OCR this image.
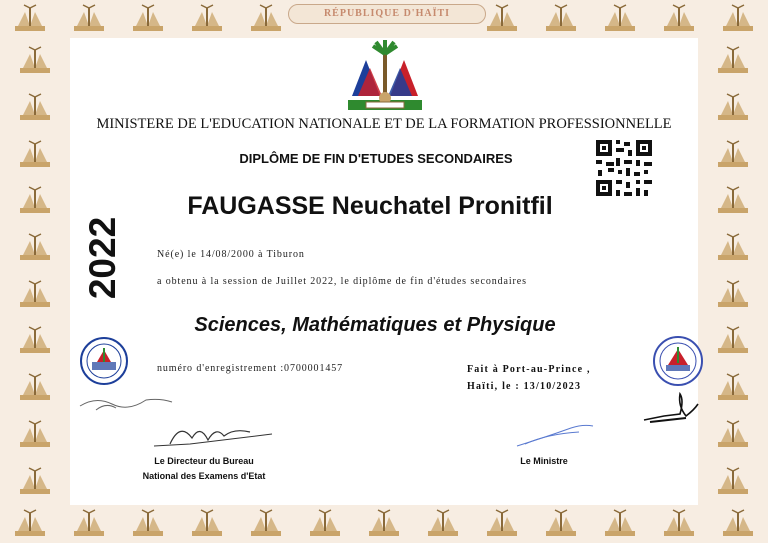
RÉPUBLIQUE D'HAÏTI
MINISTERE DE L'EDUCATION NATIONALE ET DE LA FORMATION PROFESSIONNELLE
DIPLÔME DE FIN D'ETUDES SECONDAIRES
FAUGASSE Neuchatel Pronitfil
2022	Né(e) le 14/08/2000 à Tiburon
a obtenu à la session de Juillet 2022, le diplôme de fin d'études secondaires
Sciences, Mathématiques et Physique
numéro d'enregistrement :0700001457	Fait à Port-au-Prince ,
Haïti, le : 13/10/2023
Le Directeur du Bureau
National des Examens d'Etat
Le Ministre
